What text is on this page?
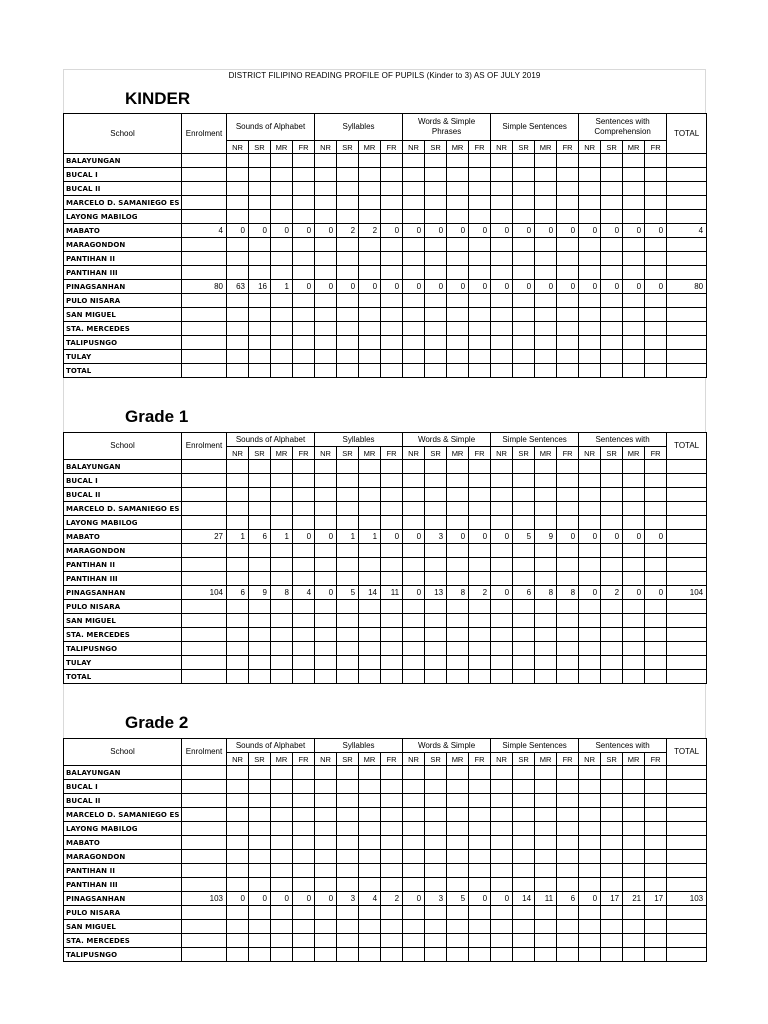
DISTRICT FILIPINO READING PROFILE OF PUPILS (Kinder to 3) AS OF JULY 2019
KINDER
School	Enrolment	Sounds of Alphabet				Syllables				Words & Simple Phrases				Simple Sentences				Sentences with Comprehension				TOTAL
		NR	SR	MR	FR	NR	SR	MR	FR	NR	SR	MR	FR	NR	SR	MR	FR	NR	SR	MR	FR	
BALAYUNGAN																						
BUCAL I																						
BUCAL II																						
MARCELO D. SAMANIEGO ES																						
LAYONG MABILOG																						
MABATO	4	0	0	0	0	0	2	2	0	0	0	0	0	0	0	0	0	0	0	0	0	4
MARAGONDON																						
PANTIHAN II																						
PANTIHAN III																						
PINAGSANHAN	80	63	16	1	0	0	0	0	0	0	0	0	0	0	0	0	0	0	0	0	0	80
PULO NISARA																						
SAN MIGUEL																						
STA. MERCEDES																						
TALIPUSNGO																						
TULAY																						
TOTAL																						
Grade 1
School	Enrolment	Sounds of Alphabet				Syllables				Words & Simple				Simple Sentences				Sentences with				TOTAL
		NR	SR	MR	FR	NR	SR	MR	FR	NR	SR	MR	FR	NR	SR	MR	FR	NR	SR	MR	FR	
BALAYUNGAN																						
BUCAL I																						
BUCAL II																						
MARCELO D. SAMANIEGO ES																						
LAYONG MABILOG																						
MABATO	27	1	6	1	0	0	1	1	0	0	3	0	0	0	5	9	0	0	0	0	0	
MARAGONDON																						
PANTIHAN II																						
PANTIHAN III																						
PINAGSANHAN	104	6	9	8	4	0	5	14	11	0	13	8	2	0	6	8	8	0	2	0	0	104
PULO NISARA																						
SAN MIGUEL																						
STA. MERCEDES																						
TALIPUSNGO																						
TULAY																						
TOTAL																						
Grade 2
School	Enrolment	Sounds of Alphabet				Syllables				Words & Simple				Simple Sentences				Sentences with				TOTAL
		NR	SR	MR	FR	NR	SR	MR	FR	NR	SR	MR	FR	NR	SR	MR	FR	NR	SR	MR	FR	
BALAYUNGAN																						
BUCAL I																						
BUCAL II																						
MARCELO D. SAMANIEGO ES																						
LAYONG MABILOG																						
MABATO																						
MARAGONDON																						
PANTIHAN II																						
PANTIHAN III																						
PINAGSANHAN	103	0	0	0	0	0	3	4	2	0	3	5	0	0	14	11	6	0	17	21	17	103
PULO NISARA																						
SAN MIGUEL																						
STA. MERCEDES																						
TALIPUSNGO																						
